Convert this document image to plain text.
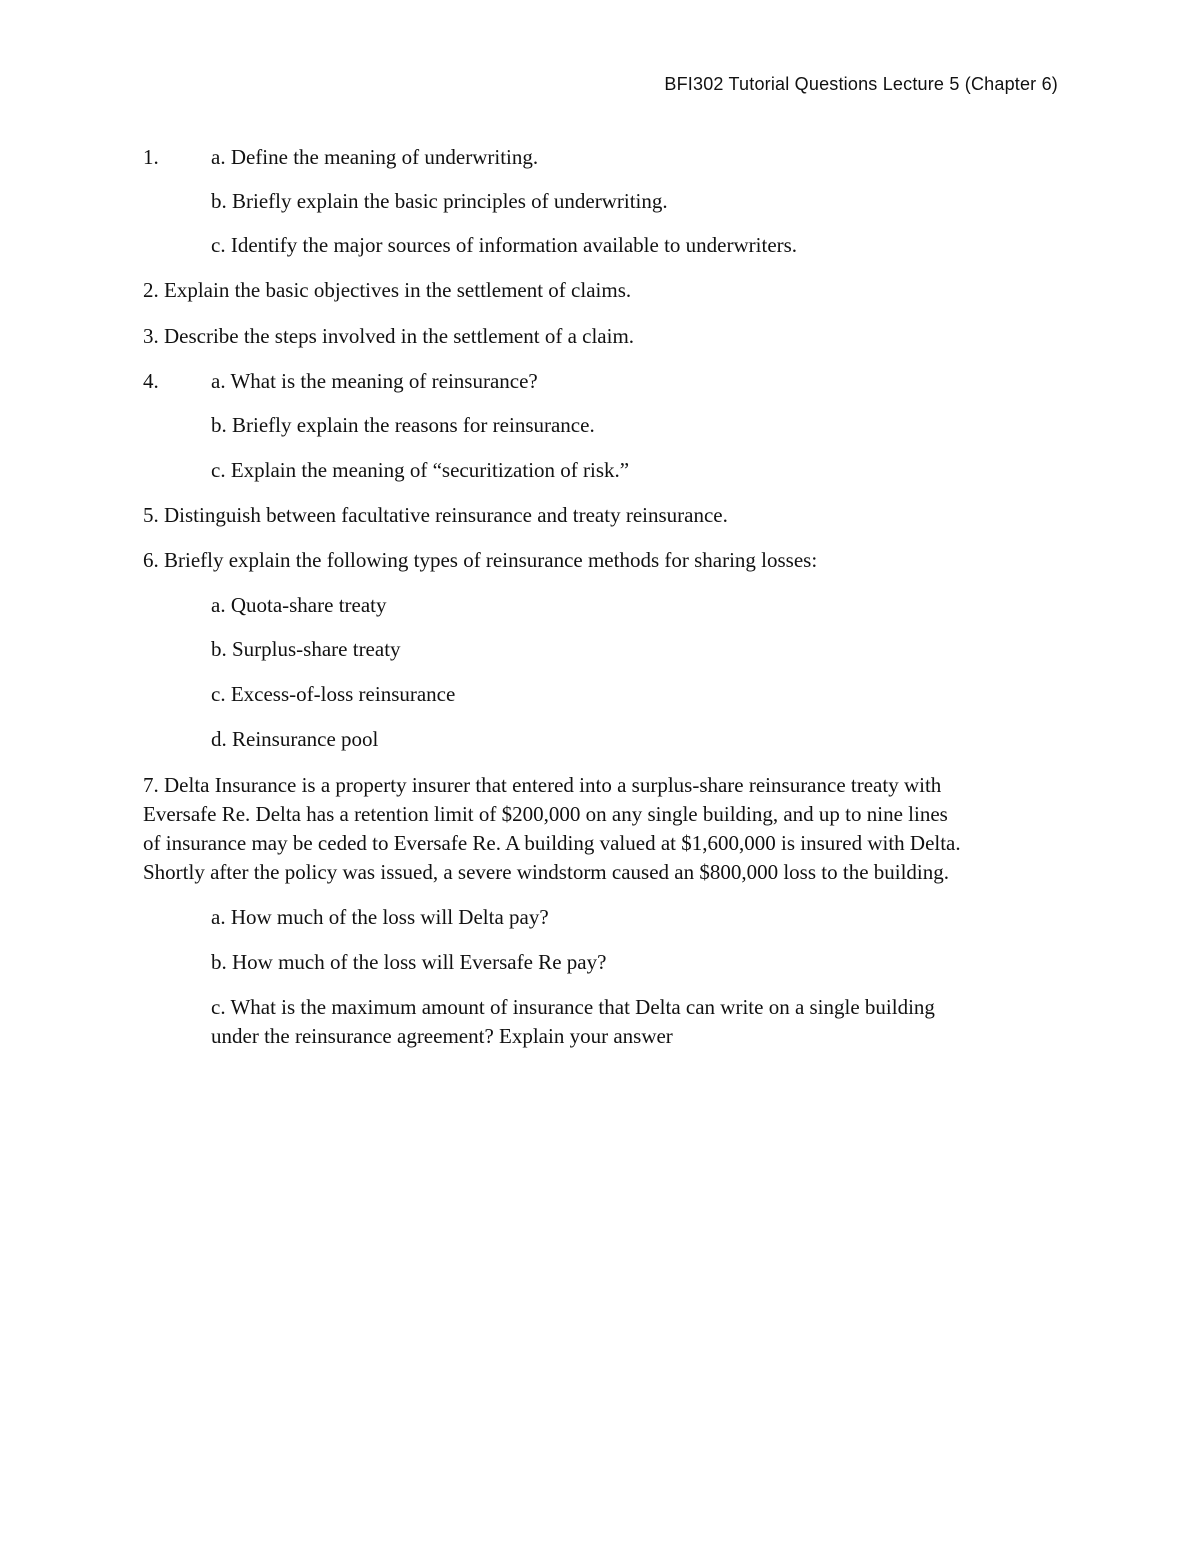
BFI302 Tutorial Questions Lecture 5 (Chapter 6)
1. a. Define the meaning of underwriting.
b. Briefly explain the basic principles of underwriting.
c. Identify the major sources of information available to underwriters.
2. Explain the basic objectives in the settlement of claims.
3. Describe the steps involved in the settlement of a claim.
4. a. What is the meaning of reinsurance?
b. Briefly explain the reasons for reinsurance.
c. Explain the meaning of “securitization of risk.”
5. Distinguish between facultative reinsurance and treaty reinsurance.
6. Briefly explain the following types of reinsurance methods for sharing losses:
a. Quota-share treaty
b. Surplus-share treaty
c. Excess-of-loss reinsurance
d. Reinsurance pool
7. Delta Insurance is a property insurer that entered into a surplus-share reinsurance treaty with
Eversafe Re. Delta has a retention limit of $200,000 on any single building, and up to nine lines
of insurance may be ceded to Eversafe Re. A building valued at $1,600,000 is insured with Delta.
Shortly after the policy was issued, a severe windstorm caused an $800,000 loss to the building.
a. How much of the loss will Delta pay?
b. How much of the loss will Eversafe Re pay?
c. What is the maximum amount of insurance that Delta can write on a single building
under the reinsurance agreement? Explain your answer
